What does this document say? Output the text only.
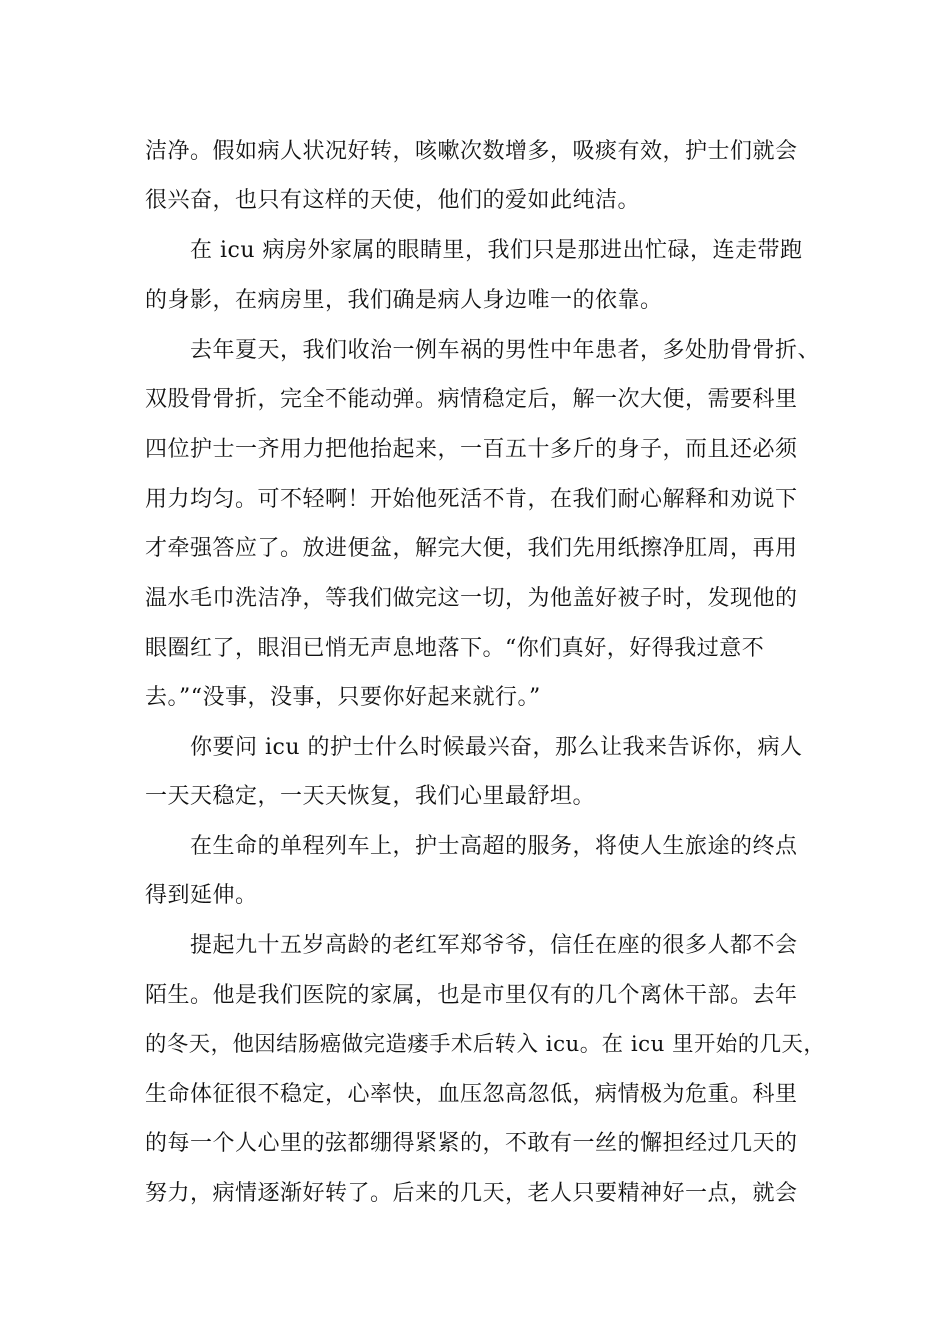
洁净。假如病人状况好转，咳嗽次数增多，吸痰有效，护士们就会
很兴奋，也只有这样的天使，他们的爱如此纯洁。
在 icu 病房外家属的眼睛里，我们只是那进出忙碌，连走带跑
的身影，在病房里，我们确是病人身边唯一的依靠。
去年夏天，我们收治一例车祸的男性中年患者，多处肋骨骨折、
双股骨骨折，完全不能动弹。病情稳定后，解一次大便，需要科里
四位护士一齐用力把他抬起来，一百五十多斤的身子，而且还必须
用力均匀。可不轻啊！开始他死活不肯，在我们耐心解释和劝说下
才牵强答应了。放进便盆，解完大便，我们先用纸擦净肛周，再用
温水毛巾洗洁净，等我们做完这一切，为他盖好被子时，发现他的
眼圈红了，眼泪已悄无声息地落下。“你们真好，好得我过意不
去。”“没事，没事，只要你好起来就行。”
你要问 icu 的护士什么时候最兴奋，那么让我来告诉你，病人
一天天稳定，一天天恢复，我们心里最舒坦。
在生命的单程列车上，护士高超的服务，将使人生旅途的终点
得到延伸。
提起九十五岁高龄的老红军郑爷爷，信任在座的很多人都不会
陌生。他是我们医院的家属，也是市里仅有的几个离休干部。去年
的冬天，他因结肠癌做完造瘘手术后转入 icu。在 icu 里开始的几天，
生命体征很不稳定，心率快，血压忽高忽低，病情极为危重。科里
的每一个人心里的弦都绷得紧紧的，不敢有一丝的懈担经过几天的
努力，病情逐渐好转了。后来的几天，老人只要精神好一点，就会
